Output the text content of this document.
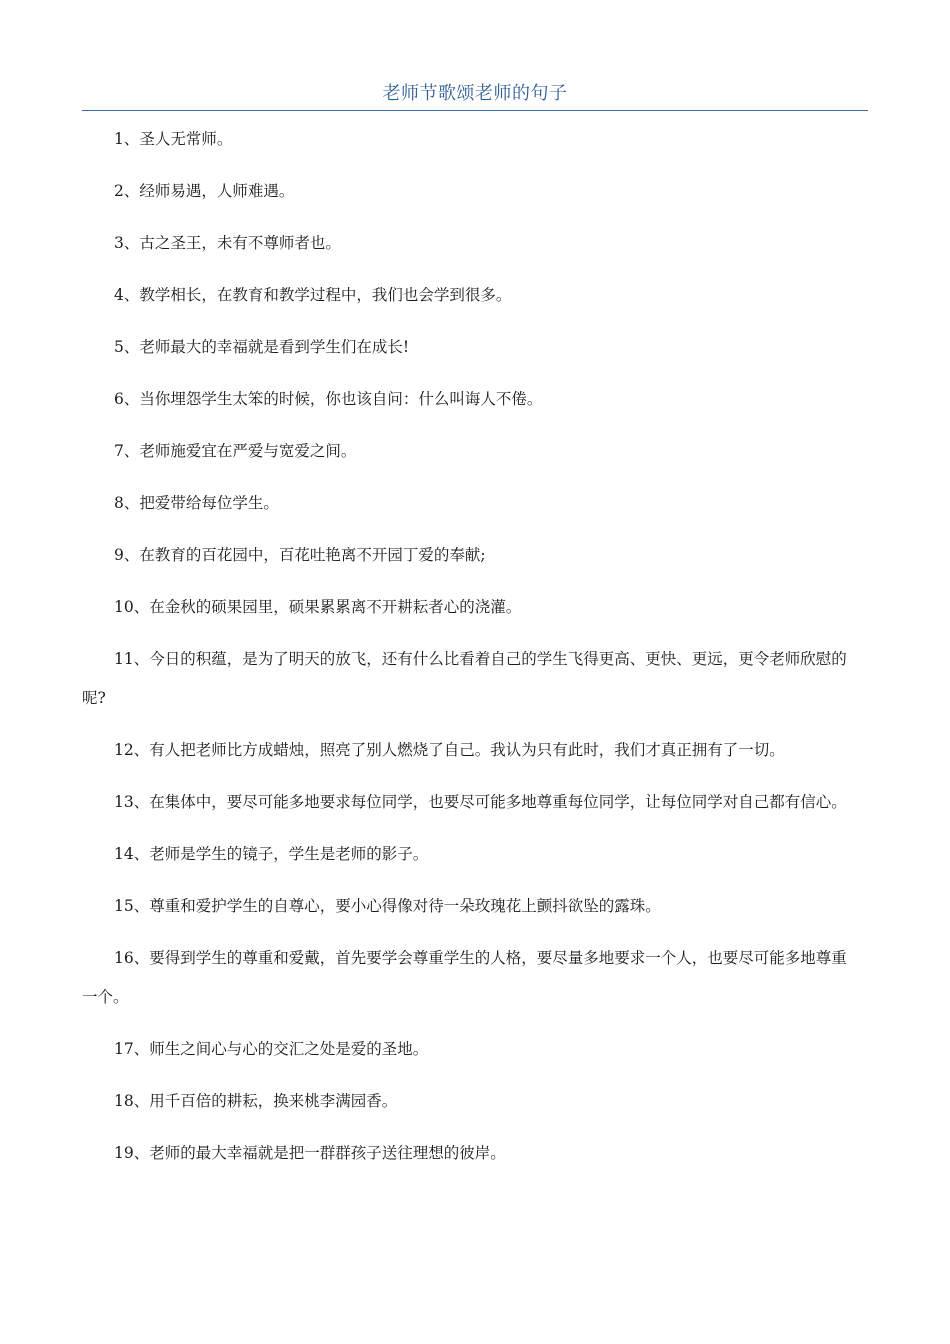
老师节歌颂老师的句子

1、圣人无常师。

2、经师易遇，人师难遇。

3、古之圣王，未有不尊师者也。

4、教学相长，在教育和教学过程中，我们也会学到很多。

5、老师最大的幸福就是看到学生们在成长!

6、当你埋怨学生太笨的时候，你也该自问：什么叫诲人不倦。

7、老师施爱宜在严爱与宽爱之间。

8、把爱带给每位学生。

9、在教育的百花园中，百花吐艳离不开园丁爱的奉献;

10、在金秋的硕果园里，硕果累累离不开耕耘者心的浇灌。

11、今日的积蕴，是为了明天的放飞，还有什么比看着自己的学生飞得更高、更快、更远，更令老师欣慰的呢?

12、有人把老师比方成蜡烛，照亮了别人燃烧了自己。我认为只有此时，我们才真正拥有了一切。

13、在集体中，要尽可能多地要求每位同学，也要尽可能多地尊重每位同学，让每位同学对自己都有信心。

14、老师是学生的镜子，学生是老师的影子。

15、尊重和爱护学生的自尊心，要小心得像对待一朵玫瑰花上颤抖欲坠的露珠。

16、要得到学生的尊重和爱戴，首先要学会尊重学生的人格，要尽量多地要求一个人，也要尽可能多地尊重一个。

17、师生之间心与心的交汇之处是爱的圣地。

18、用千百倍的耕耘，换来桃李满园香。

19、老师的最大幸福就是把一群群孩子送往理想的彼岸。
